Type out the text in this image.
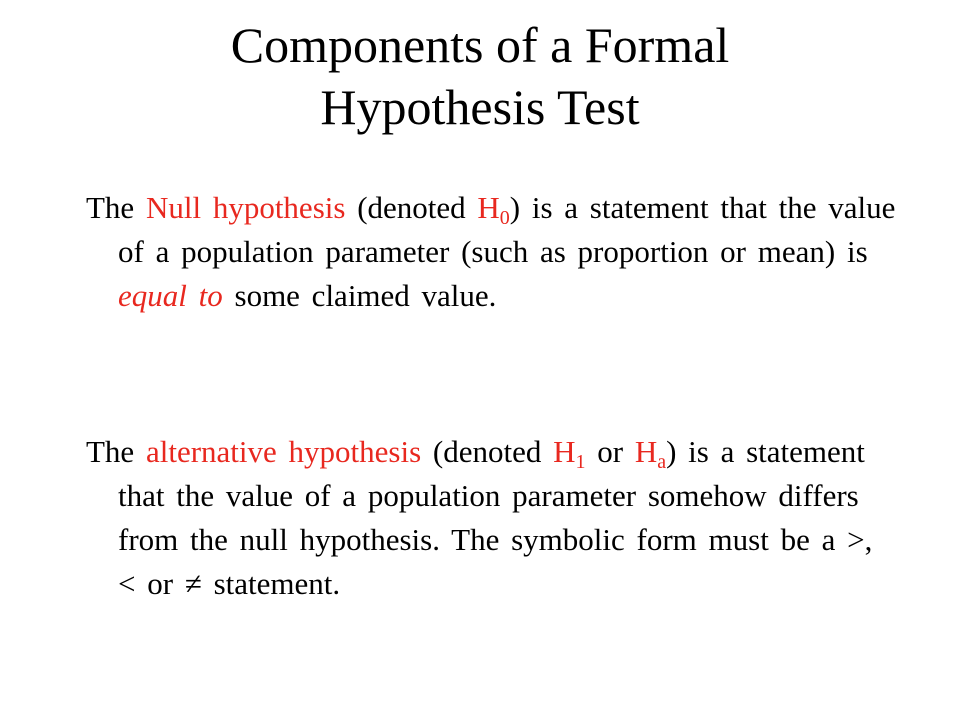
Components of a Formal
Hypothesis Test

The Null hypothesis (denoted $H_0$) is a statement that the value of a population parameter (such as proportion or mean) is equal to some claimed value.

The alternative hypothesis (denoted $H_1$ or $H_a$) is a statement that the value of a population parameter somehow differs from the null hypothesis. The symbolic form must be a >, < or ≠ statement.
